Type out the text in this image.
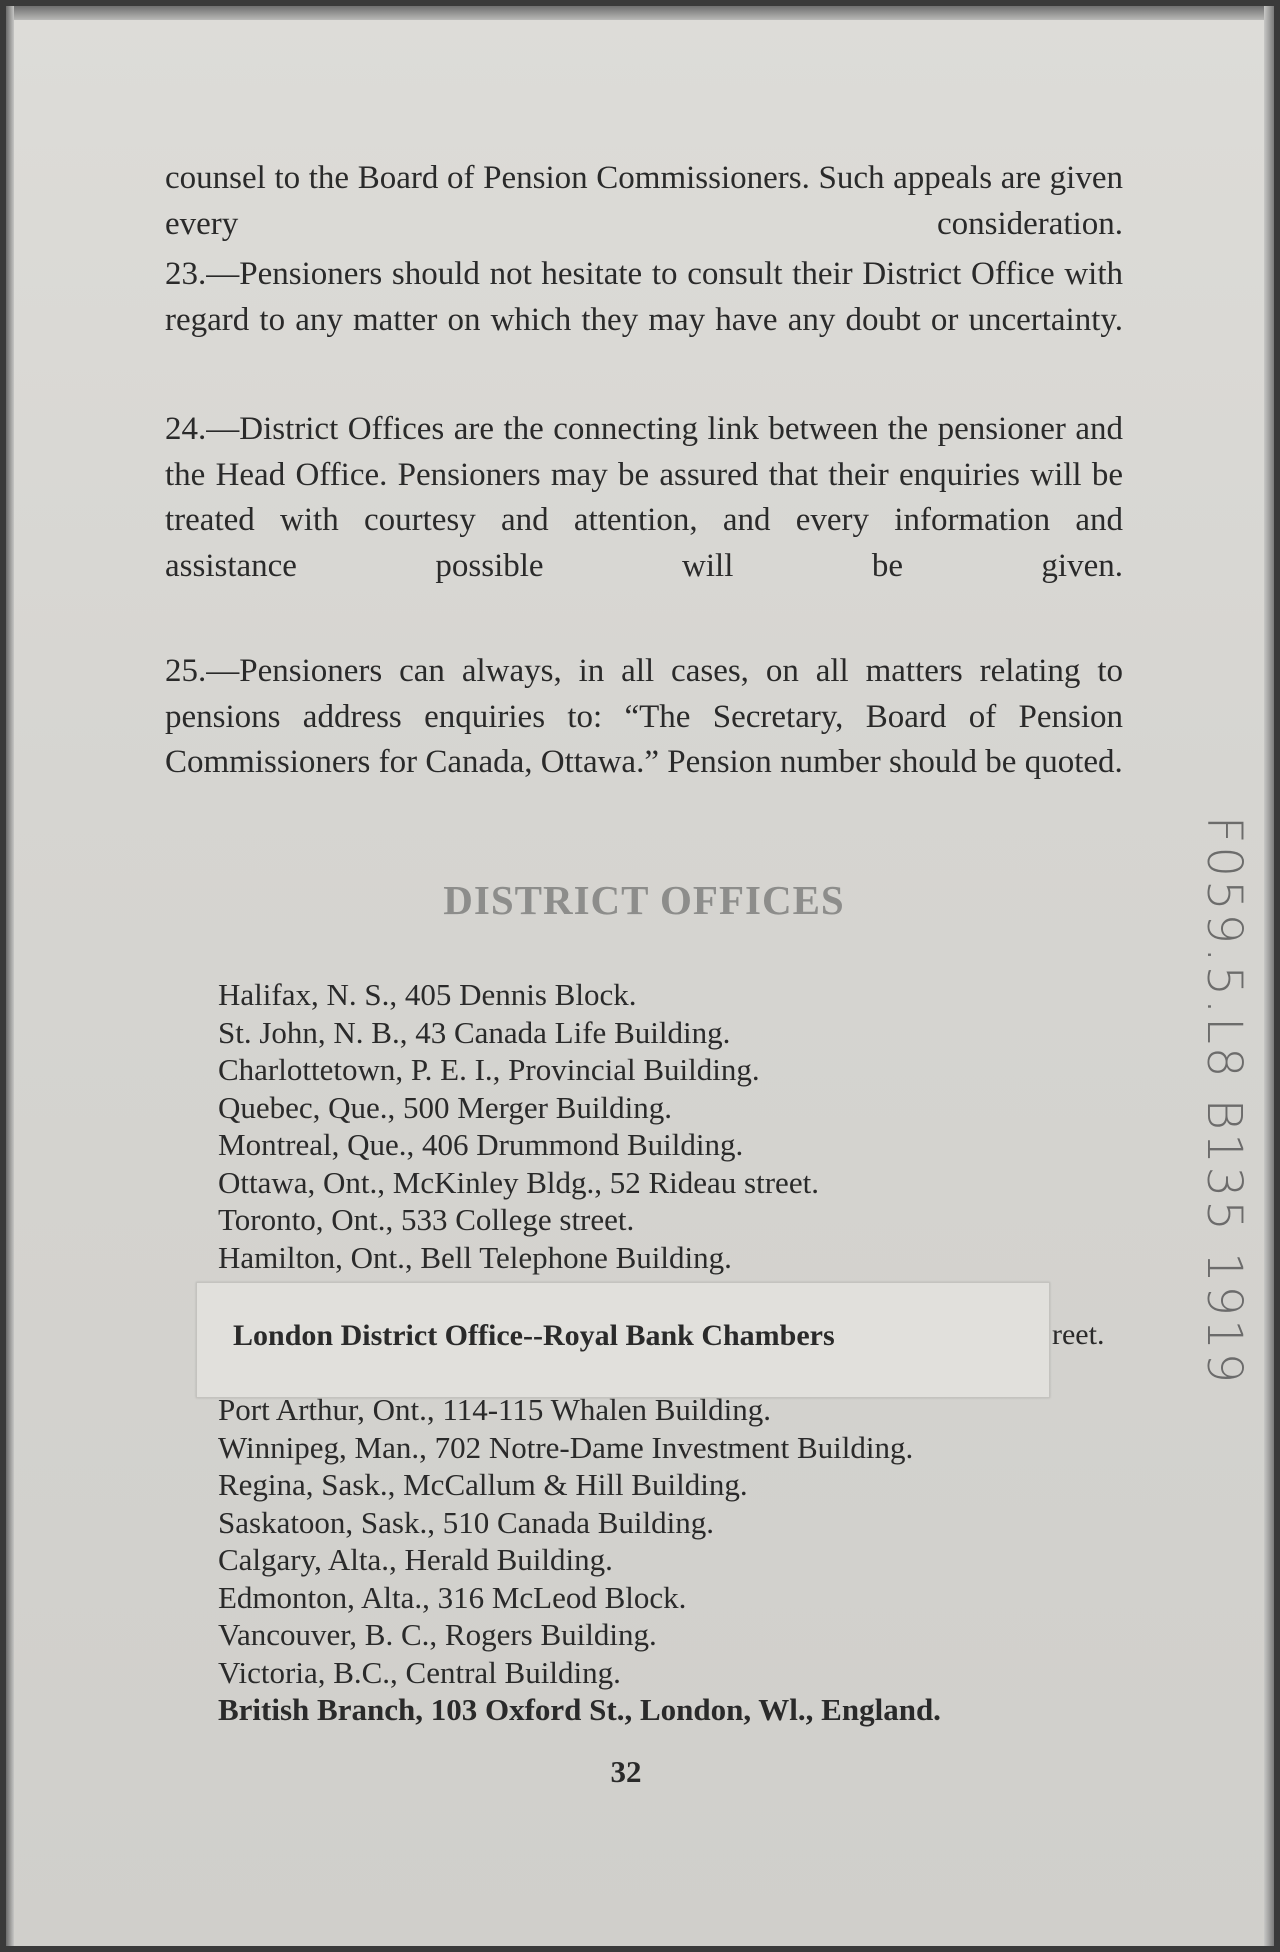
counsel to the Board of Pension Commissioners. Such appeals are given every consideration.

23.—Pensioners should not hesitate to consult their District Office with regard to any matter on which they may have any doubt or uncertainty.

24.—District Offices are the connecting link between the pensioner and the Head Office. Pensioners may be assured that their enquiries will be treated with courtesy and attention, and every information and assistance possible will be given.

25.—Pensioners can always, in all cases, on all matters relating to pensions address enquiries to: “The Secretary, Board of Pension Commissioners for Canada, Ottawa.” Pension number should be quoted.

DISTRICT OFFICES
Halifax, N. S., 405 Dennis Block.
St. John, N. B., 43 Canada Life Building.
Charlottetown, P. E. I., Provincial Building.
Quebec, Que., 500 Merger Building.
Montreal, Que., 406 Drummond Building.
Ottawa, Ont., McKinley Bldg., 52 Rideau street.
Toronto, Ont., 533 College street.
Hamilton, Ont., Bell Telephone Building.
London District Office--Royal Bank Chambers	reet.
Port Arthur, Ont., 114-115 Whalen Building.
Winnipeg, Man., 702 Notre-Dame Investment Building.
Regina, Sask., McCallum & Hill Building.
Saskatoon, Sask., 510 Canada Building.
Calgary, Alta., Herald Building.
Edmonton, Alta., 316 McLeod Block.
Vancouver, B. C., Rogers Building.
Victoria, B.C., Central Building.
British Branch, 103 Oxford St., London, Wl., England.
32
F059.5.L8 B135 1919
